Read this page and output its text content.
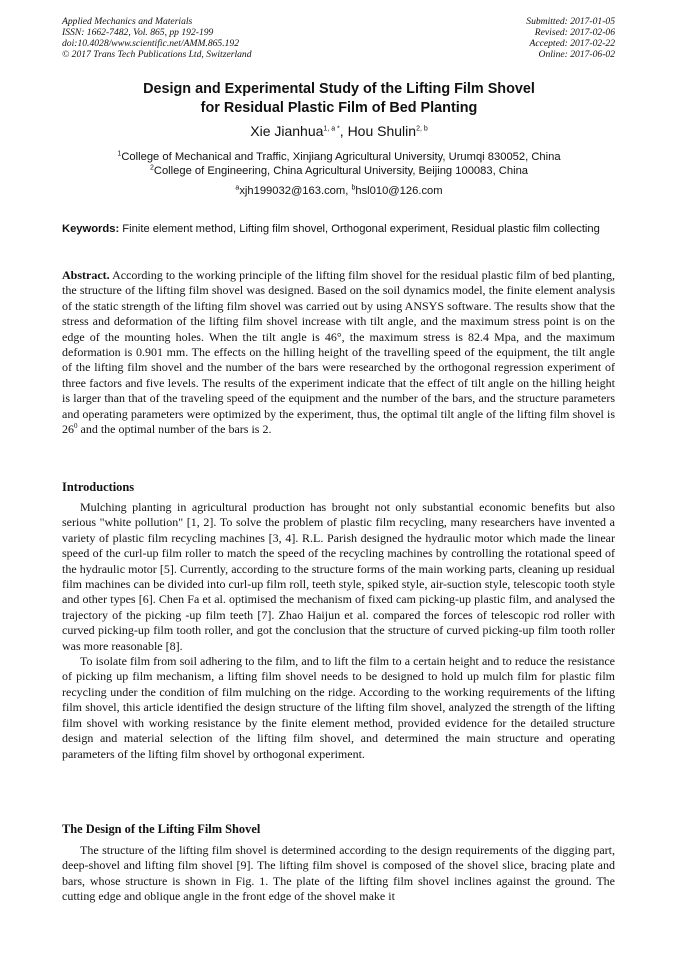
Applied Mechanics and Materials
ISSN: 1662-7482, Vol. 865, pp 192-199
doi:10.4028/www.scientific.net/AMM.865.192
© 2017 Trans Tech Publications Ltd, Switzerland
Submitted: 2017-01-05
Revised: 2017-02-06
Accepted: 2017-02-22
Online: 2017-06-02
Design and Experimental Study of the Lifting Film Shovel
for Residual Plastic Film of Bed Planting
Xie Jianhua$^{1, a *}$, Hou Shulin$^{2, b}$
$^1$College of Mechanical and Traffic, Xinjiang Agricultural University, Urumqi 830052, China
$^2$College of Engineering, China Agricultural University, Beijing 100083, China
$^a$xjh199032@163.com, $^b$hsl010@126.com
Keywords: Finite element method, Lifting film shovel, Orthogonal experiment, Residual plastic film collecting
Abstract. According to the working principle of the lifting film shovel for the residual plastic film of bed planting, the structure of the lifting film shovel was designed. Based on the soil dynamics model, the finite element analysis of the static strength of the lifting film shovel was carried out by using ANSYS software. The results show that the stress and deformation of the lifting film shovel increase with tilt angle, and the maximum stress point is on the edge of the mounting holes. When the tilt angle is 46°, the maximum stress is 82.4 Mpa, and the maximum deformation is 0.901 mm. The effects on the hilling height of the travelling speed of the equipment, the tilt angle of the lifting film shovel and the number of the bars were researched by the orthogonal regression experiment of three factors and five levels. The results of the experiment indicate that the effect of tilt angle on the hilling height is larger than that of the traveling speed of the equipment and the number of the bars, and the structure parameters and operating parameters were optimized by the experiment, thus, the optimal tilt angle of the lifting film shovel is $26^0$ and the optimal number of the bars is 2.
Introductions

Mulching planting in agricultural production has brought not only substantial economic benefits but also serious "white pollution" [1, 2]. To solve the problem of plastic film recycling, many researchers have invented a variety of plastic film recycling machines [3, 4]. R.L. Parish designed the hydraulic motor which made the linear speed of the curl-up film roller to match the speed of the recycling machines by controlling the rotational speed of the hydraulic motor [5]. Currently, according to the structure forms of the main working parts, cleaning up residual film machines can be divided into curl-up film roll, teeth style, spiked style, air-suction style, telescopic tooth style and other types [6]. Chen Fa et al. optimised the mechanism of fixed cam picking-up plastic film, and analysed the trajectory of the picking -up film teeth [7]. Zhao Haijun et al. compared the forces of telescopic rod roller with curved picking-up film tooth roller, and got the conclusion that the structure of curved picking-up film tooth roller was more reasonable [8].

To isolate film from soil adhering to the film, and to lift the film to a certain height and to reduce the resistance of picking up film mechanism, a lifting film shovel needs to be designed to hold up mulch film for plastic film recycling under the condition of film mulching on the ridge. According to the working requirements of the lifting film shovel, this article identified the design structure of the lifting film shovel, analyzed the strength of the lifting film shovel with working resistance by the finite element method, provided evidence for the detailed structure design and material selection of the lifting film shovel, and determined the main structure and operating parameters of the lifting film shovel by orthogonal experiment.

The Design of the Lifting Film Shovel

The structure of the lifting film shovel is determined according to the design requirements of the digging part, deep-shovel and lifting film shovel [9]. The lifting film shovel is composed of the shovel slice, bracing plate and bars, whose structure is shown in Fig. 1. The plate of the lifting film shovel inclines against the ground. The cutting edge and oblique angle in the front edge of the shovel make it
